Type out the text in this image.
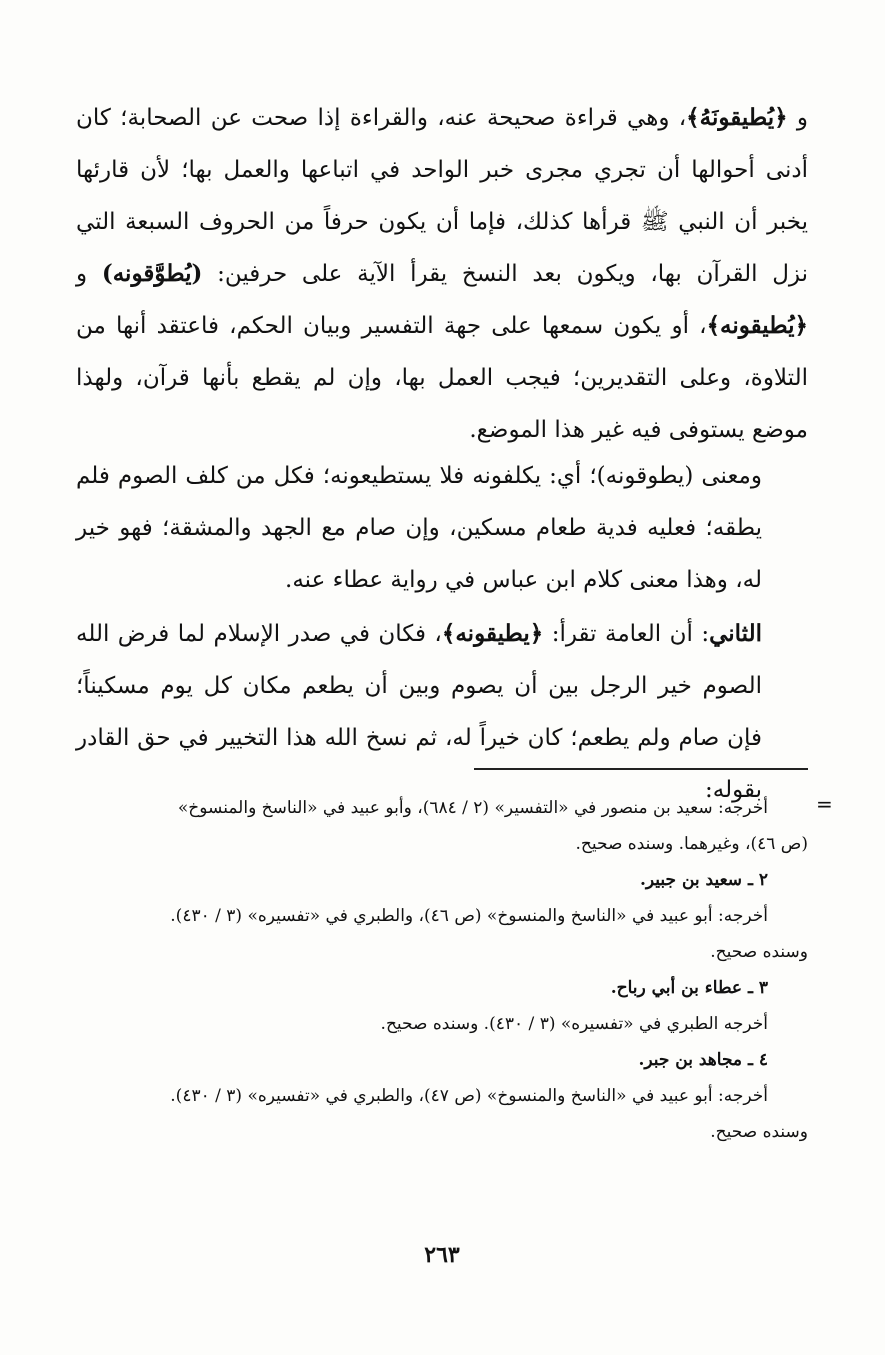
و ﴿يُطيقونَهُ﴾، وهي قراءة صحيحة عنه، والقراءة إذا صحت عن الصحابة؛ كان أدنى أحوالها أن تجري مجرى خبر الواحد في اتباعها والعمل بها؛ لأن قارئها يخبر أن النبي ﷺ قرأها كذلك، فإما أن يكون حرفاً من الحروف السبعة التي نزل القرآن بها، ويكون بعد النسخ يقرأ الآية على حرفين: (يُطوَّقونه) و ﴿يُطيقونه﴾، أو يكون سمعها على جهة التفسير وبيان الحكم، فاعتقد أنها من التلاوة، وعلى التقديرين؛ فيجب العمل بها، وإن لم يقطع بأنها قرآن، ولهذا موضع يستوفى فيه غير هذا الموضع.

ومعنى (يطوقونه)؛ أي: يكلفونه فلا يستطيعونه؛ فكل من كلف الصوم فلم يطقه؛ فعليه فدية طعام مسكين، وإن صام مع الجهد والمشقة؛ فهو خير له، وهذا معنى كلام ابن عباس في رواية عطاء عنه.

الثاني: أن العامة تقرأ: ﴿يطيقونه﴾، فكان في صدر الإسلام لما فرض الله الصوم خير الرجل بين أن يصوم وبين أن يطعم مكان كل يوم مسكيناً؛ فإن صام ولم يطعم؛ كان خيراً له، ثم نسخ الله هذا التخيير في حق القادر بقوله:

=
أخرجه: سعيد بن منصور في «التفسير» (٢ / ٦٨٤)، وأبو عبيد في «الناسخ والمنسوخ»
(ص ٤٦)، وغيرهما. وسنده صحيح.
٢ ـ سعيد بن جبير.
أخرجه: أبو عبيد في «الناسخ والمنسوخ» (ص ٤٦)، والطبري في «تفسيره» (٣ / ٤٣٠).
وسنده صحيح.
٣ ـ عطاء بن أبي رباح.
أخرجه الطبري في «تفسيره» (٣ / ٤٣٠). وسنده صحيح.
٤ ـ مجاهد بن جبر.
أخرجه: أبو عبيد في «الناسخ والمنسوخ» (ص ٤٧)، والطبري في «تفسيره» (٣ / ٤٣٠).
وسنده صحيح.
٢٦٣
